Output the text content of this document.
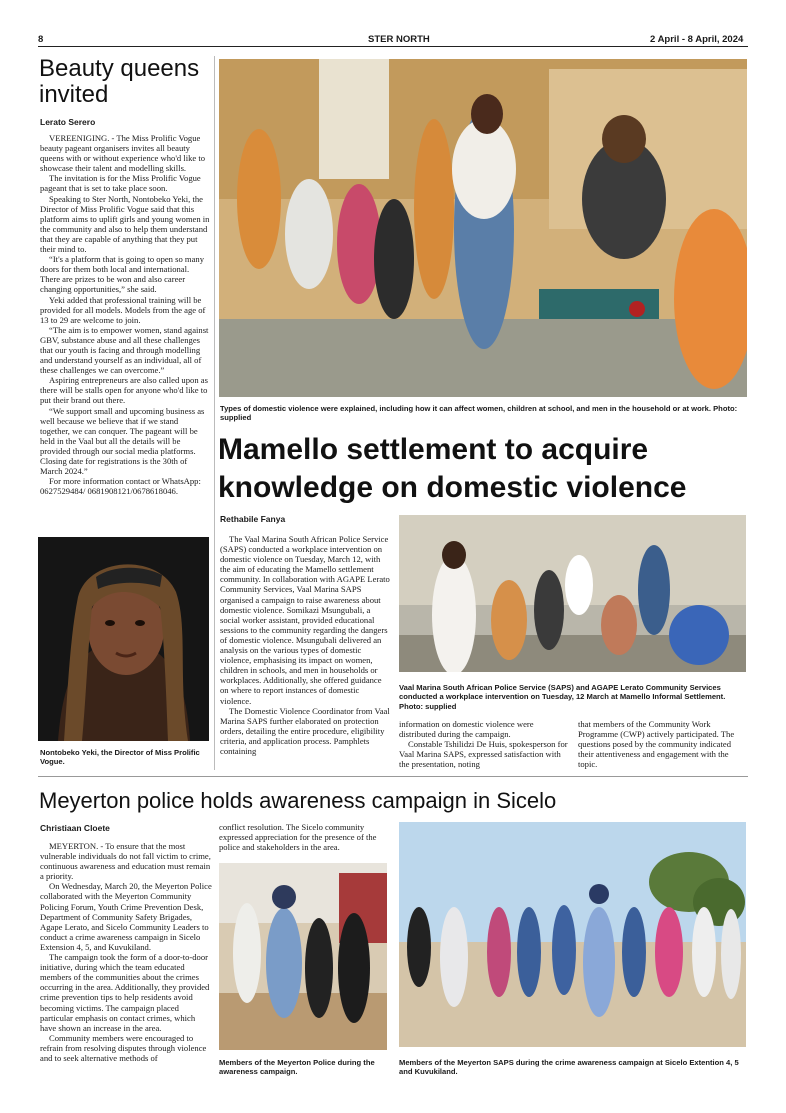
8	STER NORTH	2 April - 8 April, 2024
Beauty queens
invited
Lerato Serero

VEREENIGING. - The Miss Prolific Vogue beauty pageant organisers invites all beauty queens with or without experience who'd like to showcase their talent and modelling skills.

The invitation is for the Miss Prolific Vogue pageant that is set to take place soon.

Speaking to Ster North, Nontobeko Yeki, the Director of Miss Prolific Vogue said that this platform aims to uplift girls and young women in the community and also to help them understand that they are capable of anything that they put their mind to.

“It's a platform that is going to open so many doors for them both local and international. There are prizes to be won and also career changing opportunities,” she said.

Yeki added that professional training will be provided for all models. Models from the age of 13 to 29 are welcome to join.

“The aim is to empower women, stand against GBV, substance abuse and all these challenges that our youth is facing and through modelling and understand yourself as an individual, all of these challenges we can overcome.”

Aspiring entrepreneurs are also called upon as there will be stalls open for anyone who'd like to put their brand out there.

“We support small and upcoming business as well because we believe that if we stand together, we can conquer. The pageant will be held in the Vaal but all the details will be provided through our social media platforms. Closing date for registrations is the 30th of March 2024.”

For more information contact or WhatsApp: 0627529484/ 0681908121/0678618046.

Nontobeko Yeki, the Director of Miss Prolific Vogue.
Types of domestic violence were explained, including how it can affect women, children at school, and men in the household or at work. Photo: supplied
Mamello settlement to acquire
knowledge on domestic violence
Rethabile Fanya

The Vaal Marina South African Police Service (SAPS) conducted a workplace intervention on domestic violence on Tuesday, March 12, with the aim of educating the Mamello settlement community. In collaboration with AGAPE Lerato Community Services, Vaal Marina SAPS organised a campaign to raise awareness about domestic violence. Somikazi Msungubali, a social worker assistant, provided educational sessions to the community regarding the dangers of domestic violence. Msungubali delivered an analysis on the various types of domestic violence, emphasising its impact on women, children in schools, and men in households or workplaces. Additionally, she offered guidance on where to report instances of domestic violence.

The Domestic Violence Coordinator from Vaal Marina SAPS further elaborated on protection orders, detailing the entire procedure, eligibility criteria, and application process. Pamphlets containing

Vaal Marina South African Police Service (SAPS) and AGAPE Lerato Community Services conducted a workplace intervention on Tuesday, 12 March at Mamello Informal Settlement. Photo: supplied

information on domestic violence were distributed during the campaign.

Constable Tshilidzi De Huis, spokesperson for Vaal Marina SAPS, expressed satisfaction with the presentation, noting

that members of the Community Work Programme (CWP) actively participated. The questions posed by the community indicated their attentiveness and engagement with the topic.

Meyerton police holds awareness campaign in Sicelo
Christiaan Cloete

MEYERTON. - To ensure that the most vulnerable individuals do not fall victim to crime, continuous awareness and education must remain a priority.

On Wednesday, March 20, the Meyerton Police collaborated with the Meyerton Community Policing Forum, Youth Crime Prevention Desk, Department of Community Safety Brigades, Agape Lerato, and Sicelo Community Leaders to conduct a crime awareness campaign in Sicelo Extension 4, 5, and Kuvukiland.

The campaign took the form of a door-to-door initiative, during which the team educated members of the communities about the crimes occurring in the area. Additionally, they provided crime prevention tips to help residents avoid becoming victims. The campaign placed particular emphasis on contact crimes, which have shown an increase in the area.

Community members were encouraged to refrain from resolving disputes through violence and to seek alternative methods of

conflict resolution. The Sicelo community expressed appreciation for the presence of the police and stakeholders in the area.

Members of the Meyerton Police during the awareness campaign.
Members of the Meyerton SAPS during the crime awareness campaign at Sicelo Extention 4, 5 and Kuvukiland.
